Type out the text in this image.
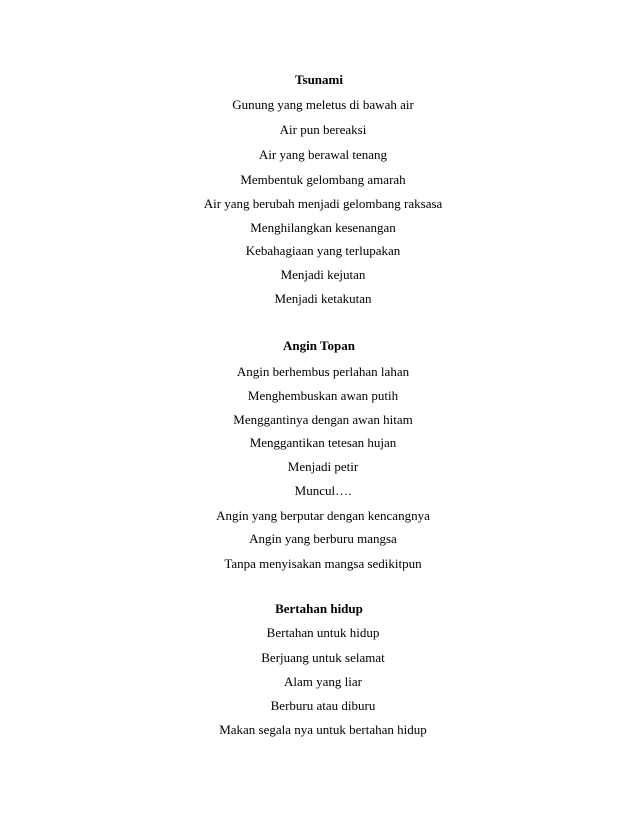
Tsunami
Gunung yang meletus di bawah air
Air pun bereaksi
Air yang berawal tenang
Membentuk gelombang amarah
Air yang berubah menjadi gelombang raksasa
Menghilangkan kesenangan
Kebahagiaan yang terlupakan
Menjadi kejutan
Menjadi ketakutan
Angin Topan
Angin berhembus perlahan lahan
Menghembuskan awan putih
Menggantinya dengan awan hitam
Menggantikan tetesan hujan
Menjadi petir
Muncul….
Angin yang berputar dengan kencangnya
Angin yang berburu mangsa
Tanpa menyisakan mangsa sedikitpun
Bertahan hidup
Bertahan untuk hidup
Berjuang untuk selamat
Alam yang liar
Berburu atau diburu
Makan segala nya untuk bertahan hidup
